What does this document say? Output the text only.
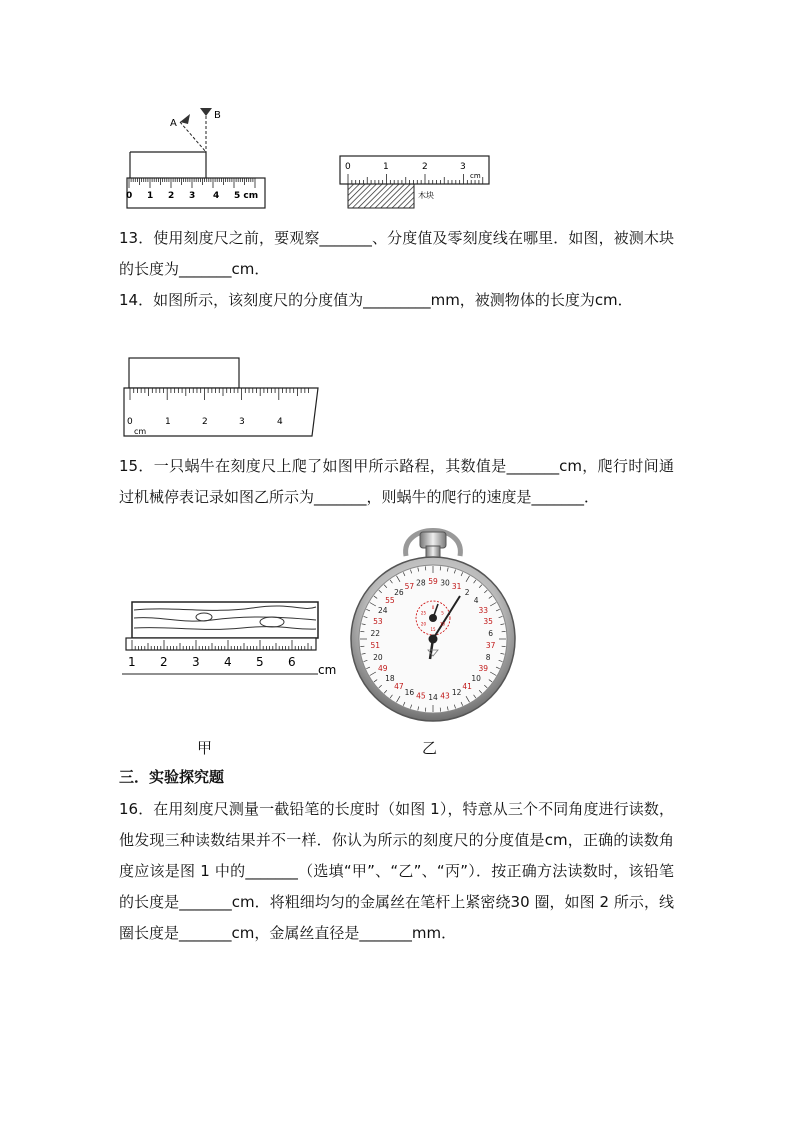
A
B
0 1 2 3 4 5 cm
0	1	2	3
cm
木块

13．使用刻度尺之前，要观察_______、分度值及零刻度线在哪里．如图，被测木块的长度为_______cm．

14．如图所示，该刻度尺的分度值为_________mm，被测物体的长度为cm．

0	1	2	3	4
cm

15．一只蜗牛在刻度尺上爬了如图甲所示路程，其数值是_______cm，爬行时间通过机械停表记录如图乙所示为_______，则蜗牛的爬行的速度是_______．

1 2 3 4 5 6
cm
59 30 31
2
4
33
35
6
37
8
39
10
41
12
43
14
45
16
47
18
49
20
51
22
53
24
55
26
57 28
0
5
10
15
20
25
甲	乙
三．实验探究题

16．在用刻度尺测量一截铅笔的长度时（如图 1），特意从三个不同角度进行读数，他发现三种读数结果并不一样．你认为所示的刻度尺的分度值是cm，正确的读数角度应该是图 1 中的_______（选填“甲”、“乙”、“丙”）．按正确方法读数时，该铅笔的长度是_______cm．将粗细均匀的金属丝在笔杆上紧密绕30 圈，如图 2 所示，线圈长度是_______cm，金属丝直径是_______mm．
